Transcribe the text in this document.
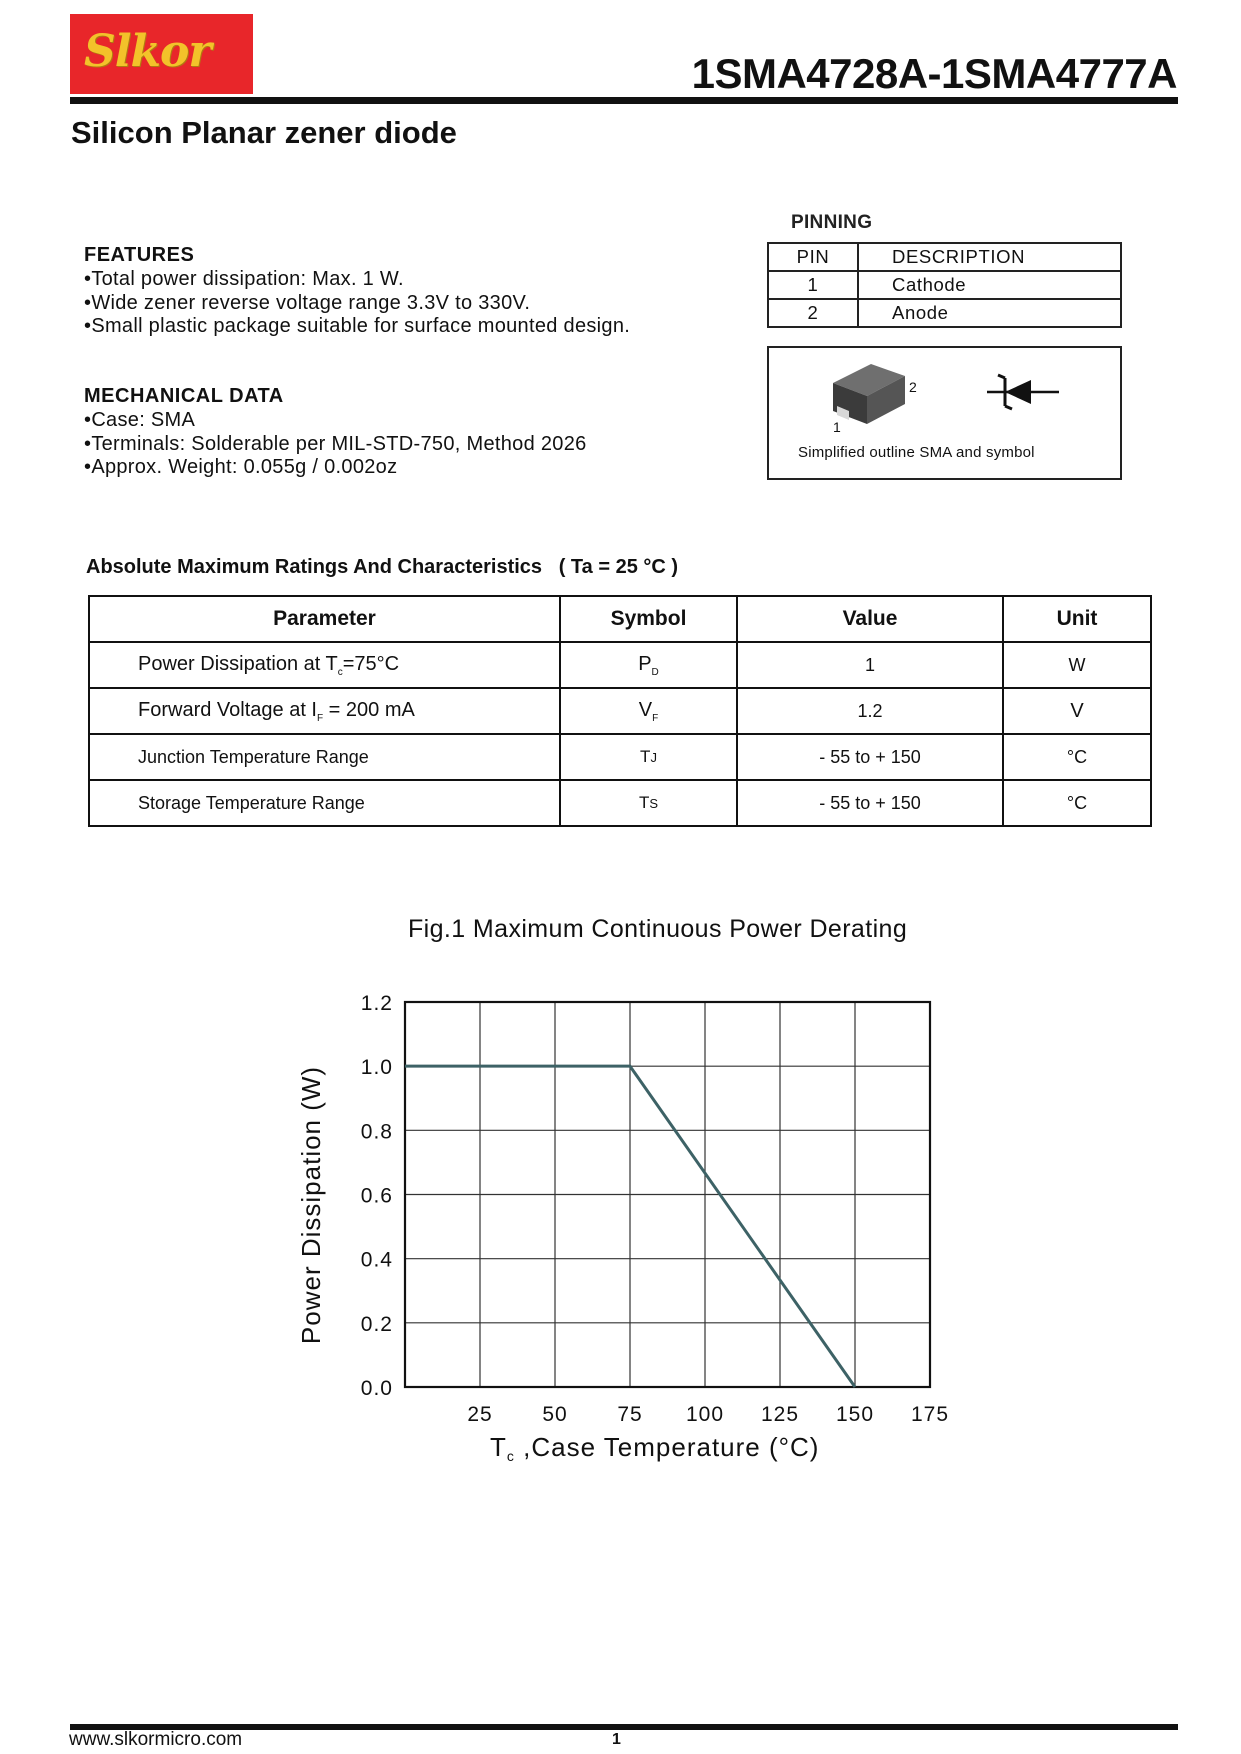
Slkor	1SMA4728A-1SMA4777A
Silicon Planar zener diode
FEATURES
• Total power dissipation: Max. 1 W.
• Wide zener reverse voltage range 3.3V to 330V.
• Small plastic package suitable for surface mounted design.
MECHANICAL DATA
• Case: SMA
• Terminals: Solderable per MIL-STD-750, Method 2026
• Approx. Weight: 0.055g / 0.002oz
PINNING
PIN	DESCRIPTION
1	Cathode
2	Anode
2
1
Simplified outline SMA and symbol
Absolute Maximum Ratings And Characteristics ( Ta = 25 °C )
Parameter	Symbol	Value	Unit
Power Dissipation at $T_c=75^\circ C$	$P_D$	1	W
Forward Voltage at $I_F = 200$ mA	$V_F$	1.2	V
Junction Temperature Range	TJ	- 55 to + 150	°C
Storage Temperature Range	TS	- 55 to + 150	°C
Fig.1 Maximum Continuous Power Derating
0.0
0.2
0.4
0.6
0.8
1.0
1.2
25 50 75 100 125 150 175
Power Dissipation (W)
Tc ,Case Temperature (°C)
www.slkormicro.com	1
